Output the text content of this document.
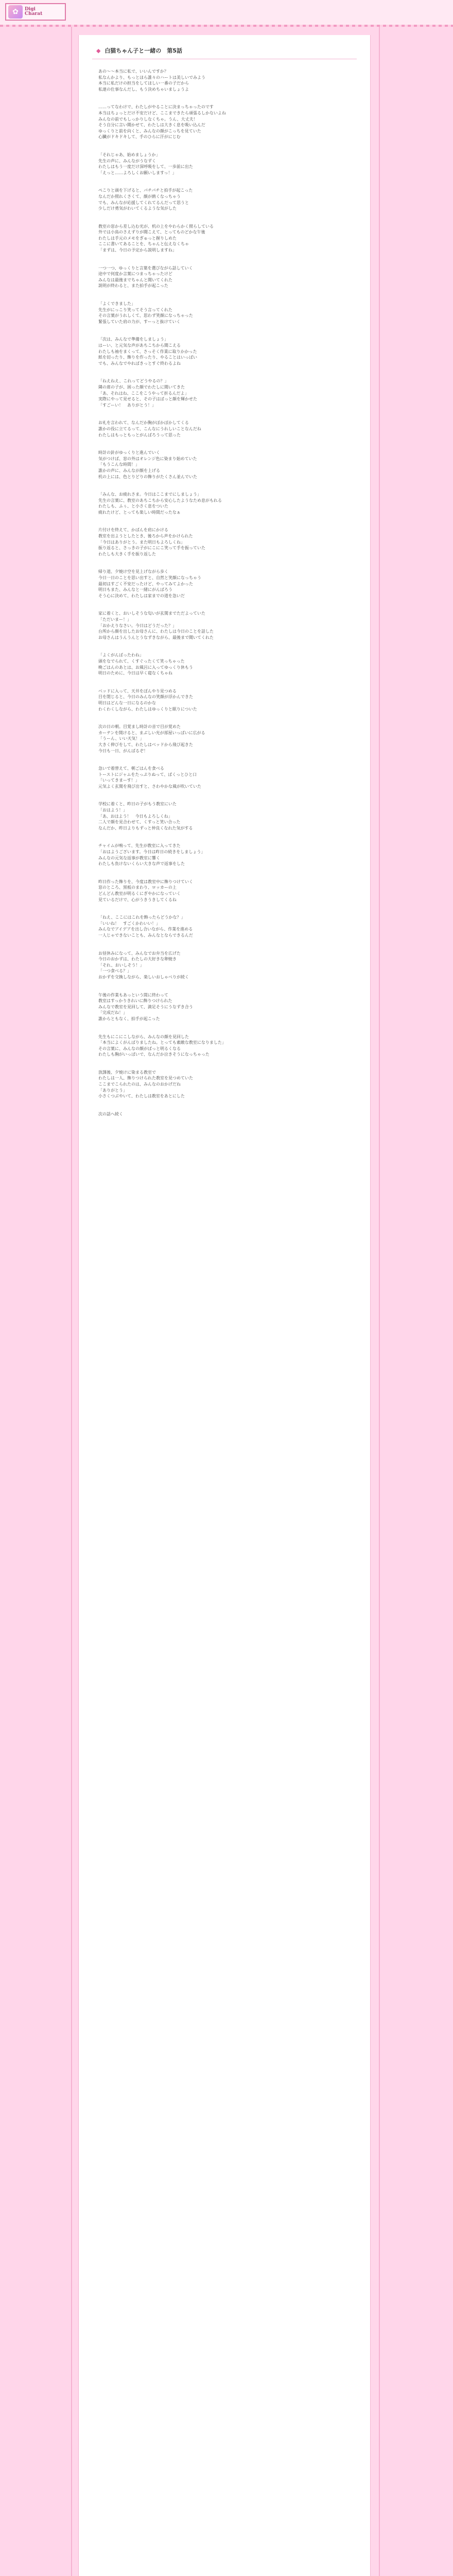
✿	Digi
Charat
◆ 白猫ちゃん子と一緒の　第5話
あの～～本当に私で、いいんですか？
私なんかより、もっとほら誰々のハートは美しいでみよう
本当に私だけの担当をしてほしい一番の子だから
私達の仕事なんだし、もう決めちゃいましょうよ
……ってなわけで、わたしがやることに決まっちゃったのです
本当はちょっとだけ不安だけど、ここまできたら頑張るしかないよね
みんなの前でもしっかりしなくちゃ。うん、大丈夫！
そう自分に言い聞かせて、わたしは大きく息を吸い込んだ
ゆっくりと前を向くと、みんなの顔がこっちを見ていた
心臓がドキドキして、手のひらに汗がにじむ
「それじゃあ、始めましょうか」
先生の声に、みんながうなずく
わたしはもう一度だけ深呼吸をして、一歩前に出た
「えっと……よろしくお願いしますっ！」
ぺこりと頭を下げると、パチパチと拍手が起こった
なんだか照れくさくて、顔が熱くなっちゃう
でも、みんなが応援してくれてるんだって思うと
少しだけ勇気がわいてくるような気がした
教室の窓から差し込む光が、机の上をやわらかく照らしている
外では小鳥のさえずりが聞こえて、とってものどかな午後
わたしは手元のメモをぎゅっと握りしめた
ここに書いてあることを、ちゃんと伝えなくちゃ
「まずは、今日の予定から説明しますね」
一つ一つ、ゆっくりと言葉を選びながら話していく
途中で何度か言葉につまっちゃったけど
みんなは最後までちゃんと聞いてくれた
説明が終わると、また拍手が起こった
「よくできました」
先生がにっこり笑ってそう言ってくれた
その言葉がうれしくて、思わず笑顔になっちゃった
緊張していた肩の力が、すーっと抜けていく
「次は、みんなで準備をしましょう」
はーい、と元気な声があちこちから聞こえる
わたしも袖をまくって、さっそく作業に取りかかった
紙を切ったり、飾りを作ったり、やることはいっぱい
でも、みんなでやればきっとすぐ終わるよね
「ねえねえ、これってどうやるの？」
隣の席の子が、困った顔でわたしに聞いてきた
「あ、それはね、ここをこうやって折るんだよ」
実際にやって見せると、その子はぱっと顔を輝かせた
「すごーい！　ありがとう！」
お礼を言われて、なんだか胸がぽかぽかしてくる
誰かの役に立てるって、こんなにうれしいことなんだね
わたしはもっともっとがんばろうって思った
時計の針がゆっくりと進んでいく
気がつけば、窓の外はオレンジ色に染まり始めていた
「もうこんな時間！」
誰かの声に、みんなが顔を上げる
机の上には、色とりどりの飾りがたくさん並んでいた
「みんな、お疲れさま。今日はここまでにしましょう」
先生の言葉に、教室のあちこちから安心したようなため息がもれる
わたしも、ふぅ、と小さく息をついた
疲れたけど、とっても楽しい時間だったなぁ
片付けを終えて、かばんを肩にかける
教室を出ようとしたとき、後ろから声をかけられた
「今日はありがとう。また明日もよろしくね」
振り返ると、さっきの子がにこにこ笑って手を振っていた
わたしも大きく手を振り返した
帰り道、夕焼け空を見上げながら歩く
今日一日のことを思い出すと、自然と笑顔になっちゃう
最初はすごく不安だったけど、やってみてよかった
明日もまた、みんなと一緒にがんばろう
そう心に決めて、わたしは家までの道を急いだ
家に着くと、おいしそうな匂いが玄関までただよっていた
「ただいまー！」
「おかえりなさい。今日はどうだった？」
台所から顔を出したお母さんに、わたしは今日のことを話した
お母さんはうんうんとうなずきながら、最後まで聞いてくれた
「よくがんばったわね」
頭をなでられて、くすぐったくて笑っちゃった
晩ごはんのあとは、お風呂に入ってゆっくり休もう
明日のために、今日は早く寝なくちゃね
ベッドに入って、天井をぼんやり見つめる
目を閉じると、今日のみんなの笑顔が浮かんできた
明日はどんな一日になるのかな
わくわくしながら、わたしはゆっくりと眠りについた
次の日の朝。目覚まし時計の音で目が覚めた
カーテンを開けると、まぶしい光が部屋いっぱいに広がる
「うーん、いい天気！」
大きく伸びをして、わたしはベッドから飛び起きた
今日も一日、がんばるぞ！
急いで着替えて、朝ごはんを食べる
トーストにジャムをたっぷりぬって、ぱくっとひと口
「いってきまーす！」
元気よく玄関を飛び出すと、さわやかな風が吹いていた
学校に着くと、昨日の子がもう教室にいた
「おはよう！」
「あ、おはよう！　今日もよろしくね」
二人で顔を見合わせて、くすっと笑い合った
なんだか、昨日よりもずっと仲良くなれた気がする
チャイムが鳴って、先生が教室に入ってきた
「おはようございます。今日は昨日の続きをしましょう」
みんなの元気な返事が教室に響く
わたしも負けないくらい大きな声で返事をした
昨日作った飾りを、今度は教室中に飾りつけていく
窓のところ、黒板のまわり、ロッカーの上
どんどん教室が明るくにぎやかになっていく
見ているだけで、心がうきうきしてくるね
「ねえ、ここにはこれを飾ったらどうかな？」
「いいね！　すごくかわいい！」
みんなでアイデアを出し合いながら、作業を進める
一人じゃできないことも、みんなとならできるんだ
お昼休みになって、みんなでお弁当を広げた
今日のおかずは、わたしの大好きな卵焼き
「それ、おいしそう！」
「一つ食べる？」
おかずを交換しながら、楽しいおしゃべりが続く
午後の作業もあっという間に終わって
教室はすっかりきれいに飾りつけられた
みんなで教室を見回して、満足そうにうなずき合う
「完成だね！」
誰からともなく、拍手が起こった
先生もにこにこしながら、みんなの顔を見回した
「本当によくがんばりましたね。とっても素敵な教室になりました」
その言葉に、みんなの顔がぱっと明るくなる
わたしも胸がいっぱいで、なんだか泣きそうになっちゃった
放課後、夕焼けに染まる教室で
わたしは一人、飾りつけられた教室を見つめていた
ここまでこられたのは、みんなのおかげだね
「ありがとう」
小さくつぶやいて、わたしは教室をあとにした
次の話へ続く
